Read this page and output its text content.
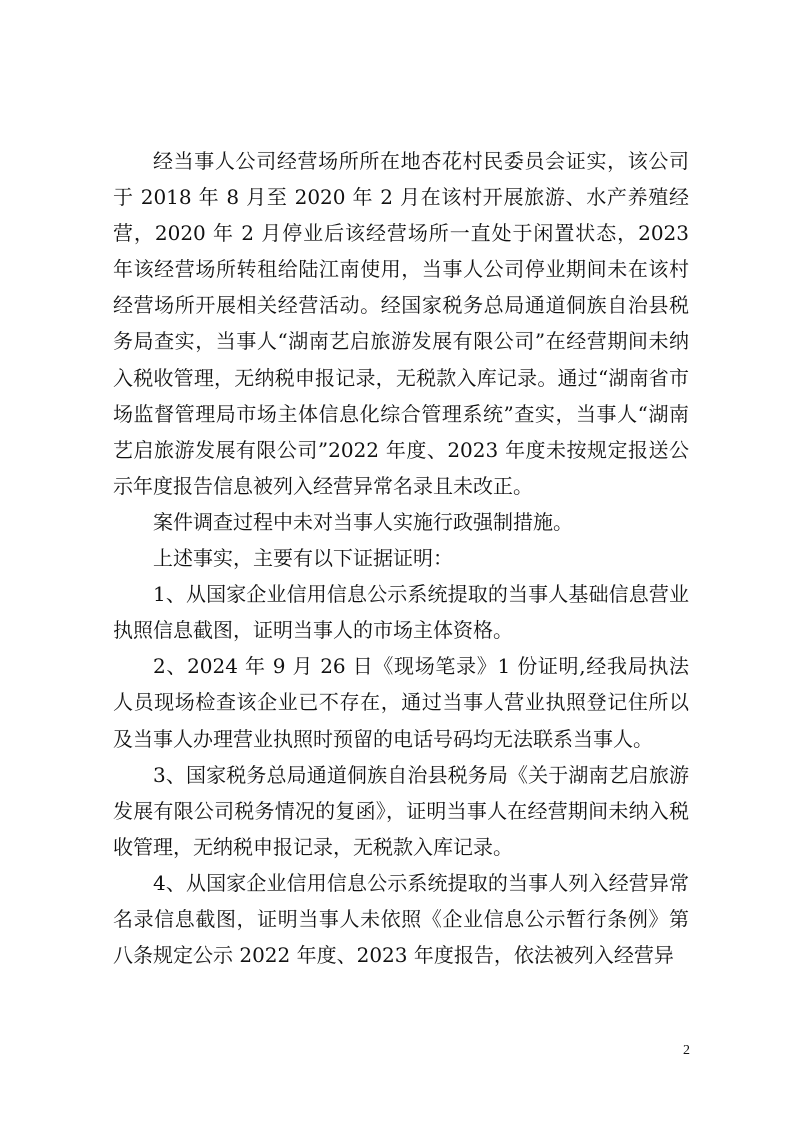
经当事人公司经营场所所在地杏花村民委员会证实，该公司于 2018 年 8 月至 2020 年 2 月在该村开展旅游、水产养殖经营，2020 年 2 月停业后该经营场所一直处于闲置状态，2023 年该经营场所转租给陆江南使用，当事人公司停业期间未在该村经营场所开展相关经营活动。经国家税务总局通道侗族自治县税务局查实，当事人“湖南艺启旅游发展有限公司”在经营期间未纳入税收管理，无纳税申报记录，无税款入库记录。通过“湖南省市场监督管理局市场主体信息化综合管理系统”查实，当事人“湖南艺启旅游发展有限公司”2022 年度、2023 年度未按规定报送公示年度报告信息被列入经营异常名录且未改正。

案件调查过程中未对当事人实施行政强制措施。

上述事实，主要有以下证据证明：

1、从国家企业信用信息公示系统提取的当事人基础信息营业执照信息截图，证明当事人的市场主体资格。

2、2024 年 9 月 26 日《现场笔录》1 份证明,经我局执法人员现场检查该企业已不存在，通过当事人营业执照登记住所以及当事人办理营业执照时预留的电话号码均无法联系当事人。

3、国家税务总局通道侗族自治县税务局《关于湖南艺启旅游发展有限公司税务情况的复函》，证明当事人在经营期间未纳入税收管理，无纳税申报记录，无税款入库记录。

4、从国家企业信用信息公示系统提取的当事人列入经营异常名录信息截图，证明当事人未依照《企业信息公示暂行条例》第八条规定公示 2022 年度、2023 年度报告，依法被列入经营异

2
